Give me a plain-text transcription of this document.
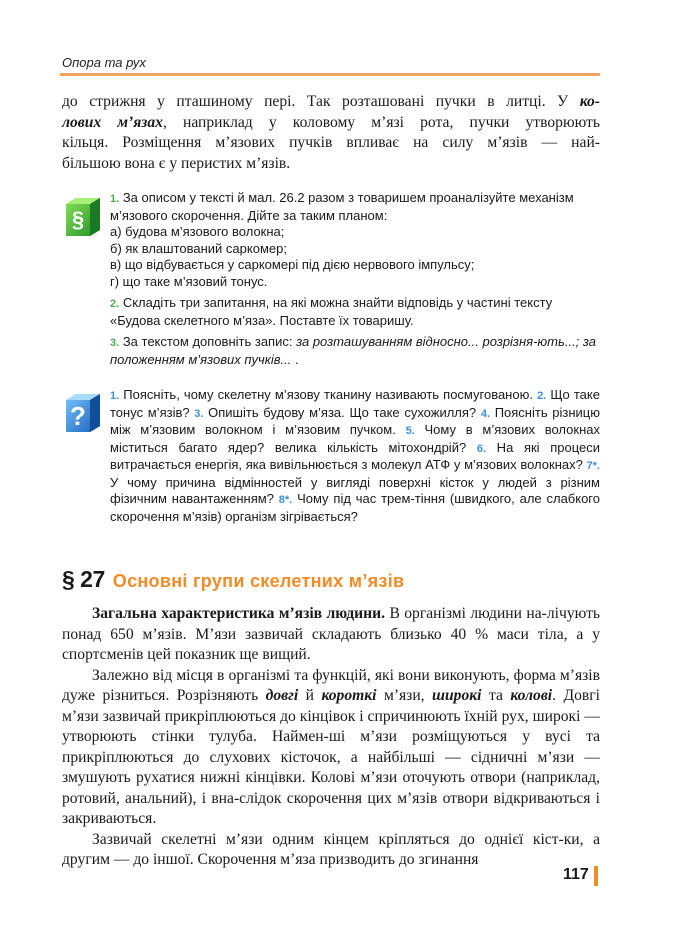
Опора та рух
до стрижня у пташиному пері. Так розташовані пучки в литці. У ко-
лових м’язах, наприклад у коловому м’язі рота, пучки утворюють
кільця. Розміщення м’язових пучків впливає на силу м’язів — най-
більшою вона є у перистих м’язів.
§
1. За описом у тексті й мал. 26.2 разом з товаришем проаналізуйте механізм м’язового скорочення. Дійте за таким планом:
а) будова м’язового волокна;
б) як влаштований саркомер;
в) що відбувається у саркомері під дією нервового імпульсу;
г) що таке м’язовий тонус.
2. Складіть три запитання, на які можна знайти відповідь у частині тексту «Будова скелетного м’яза». Поставте їх товаришу.
3. За текстом доповніть запис: за розташуванням відносно... розрізня-ють...; за положенням м’язових пучків... .
?
1. Поясніть, чому скелетну м’язову тканину називають посмугованою. 2. Що таке тонус м’язів? 3. Опишіть будову м’яза. Що таке сухожилля? 4. Поясніть різницю між м’язовим волокном і м’язовим пучком. 5. Чому в м’язових волокнах міститься багато ядер? велика кількість мітохондрій? 6. На які процеси витрачається енергія, яка вивільнюється з молекул АТФ у м’язових волокнах? 7*. У чому причина відмінностей у вигляді поверхні кісток у людей з різним фізичним навантаженням? 8*. Чому під час трем-тіння (швидкого, але слабкого скорочення м’язів) організм зігрівається?
§ 27 Основні групи скелетних м’язів

Загальна характеристика м’язів людини. В організмі людини на-лічують понад 650 м’язів. М’язи зазвичай складають близько 40 % маси тіла, а у спортсменів цей показник ще вищий.

Залежно від місця в організмі та функцій, які вони виконують, форма м’язів дуже різниться. Розрізняють довгі й короткі м’язи, широкі та колові. Довгі м’язи зазвичай прикріплюються до кінцівок і спричинюють їхній рух, широкі — утворюють стінки тулуба. Наймен-ші м’язи розміщуються у вусі та прикріплюються до слухових кісточок, а найбільші — сідничні м’язи — змушують рухатися нижні кінцівки. Колові м’язи оточують отвори (наприклад, ротовий, анальний), і вна-слідок скорочення цих м’язів отвори відкриваються і закриваються.

Зазвичай скелетні м’язи одним кінцем кріпляться до однієї кіст-ки, а другим — до іншої. Скорочення м’яза призводить до згинання

117
